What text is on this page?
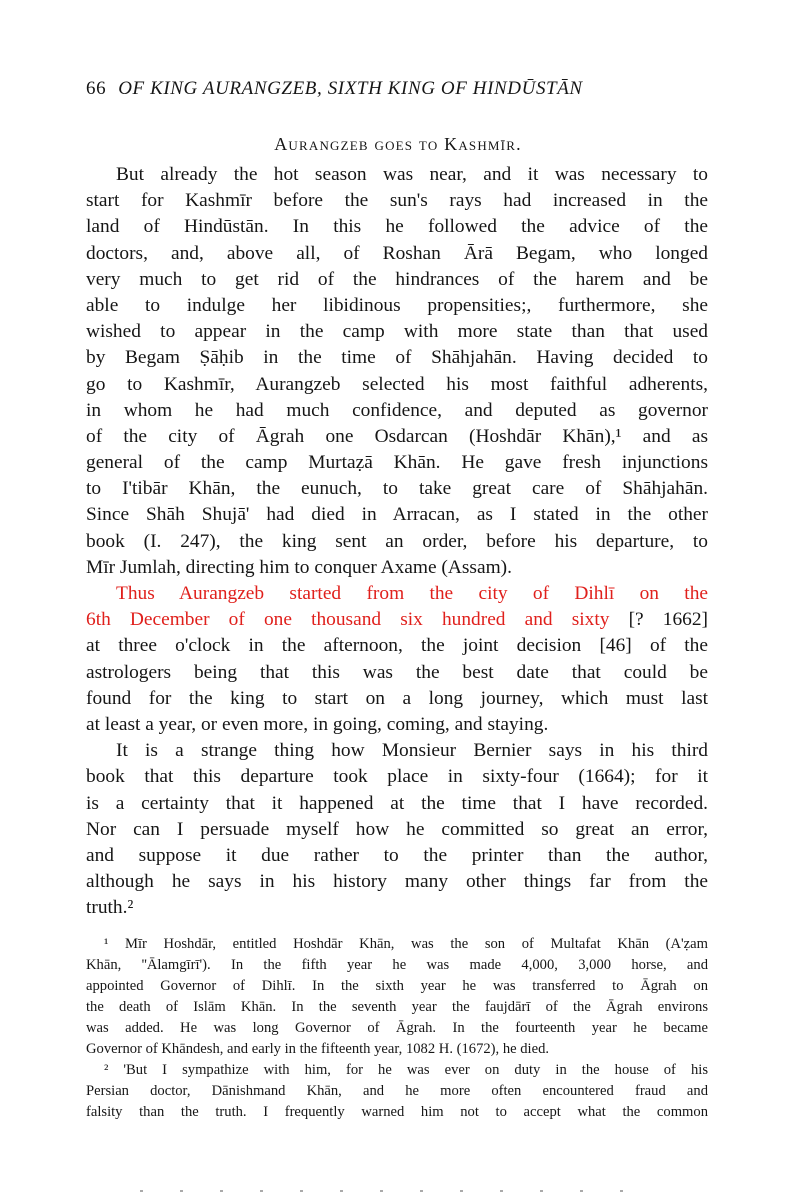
66 OF KING AURANGZEB, SIXTH KING OF HINDŪSTĀN
Aurangzeb goes to Kashmīr.
But already the hot season was near, and it was necessary to
start for Kashmīr before the sun's rays had increased in the
land of Hindūstān. In this he followed the advice of the
doctors, and, above all, of Roshan Ārā Begam, who longed
very much to get rid of the hindrances of the harem and be
able to indulge her libidinous propensities;, furthermore, she
wished to appear in the camp with more state than that used
by Begam Ṣāḥib in the time of Shāhjahān. Having decided to
go to Kashmīr, Aurangzeb selected his most faithful adherents,
in whom he had much confidence, and deputed as governor
of the city of Āgrah one Osdarcan (Hoshdār Khān),¹ and as
general of the camp Murtaẓā Khān. He gave fresh injunctions
to I'tibār Khān, the eunuch, to take great care of Shāhjahān.
Since Shāh Shujā' had died in Arracan, as I stated in the other
book (I. 247), the king sent an order, before his departure, to
Mīr Jumlah, directing him to conquer Axame (Assam).
Thus Aurangzeb started from the city of Dihlī on the
6th December of one thousand six hundred and sixty [? 1662]
at three o'clock in the afternoon, the joint decision [46] of the
astrologers being that this was the best date that could be
found for the king to start on a long journey, which must last
at least a year, or even more, in going, coming, and staying.
It is a strange thing how Monsieur Bernier says in his third
book that this departure took place in sixty-four (1664); for it
is a certainty that it happened at the time that I have recorded.
Nor can I persuade myself how he committed so great an error,
and suppose it due rather to the printer than the author,
although he says in his history many other things far from the
truth.²
¹ Mīr Hoshdār, entitled Hoshdār Khān, was the son of Multafat Khān (A'ẓam
Khān, ''Ālamgīrī'). In the fifth year he was made 4,000, 3,000 horse, and
appointed Governor of Dihlī. In the sixth year he was transferred to Āgrah on
the death of Islām Khān. In the seventh year the faujdārī of the Āgrah environs
was added. He was long Governor of Āgrah. In the fourteenth year he became
Governor of Khāndesh, and early in the fifteenth year, 1082 H. (1672), he died.
² 'But I sympathize with him, for he was ever on duty in the house of his
Persian doctor, Dānishmand Khān, and he more often encountered fraud and
falsity than the truth. I frequently warned him not to accept what the common
